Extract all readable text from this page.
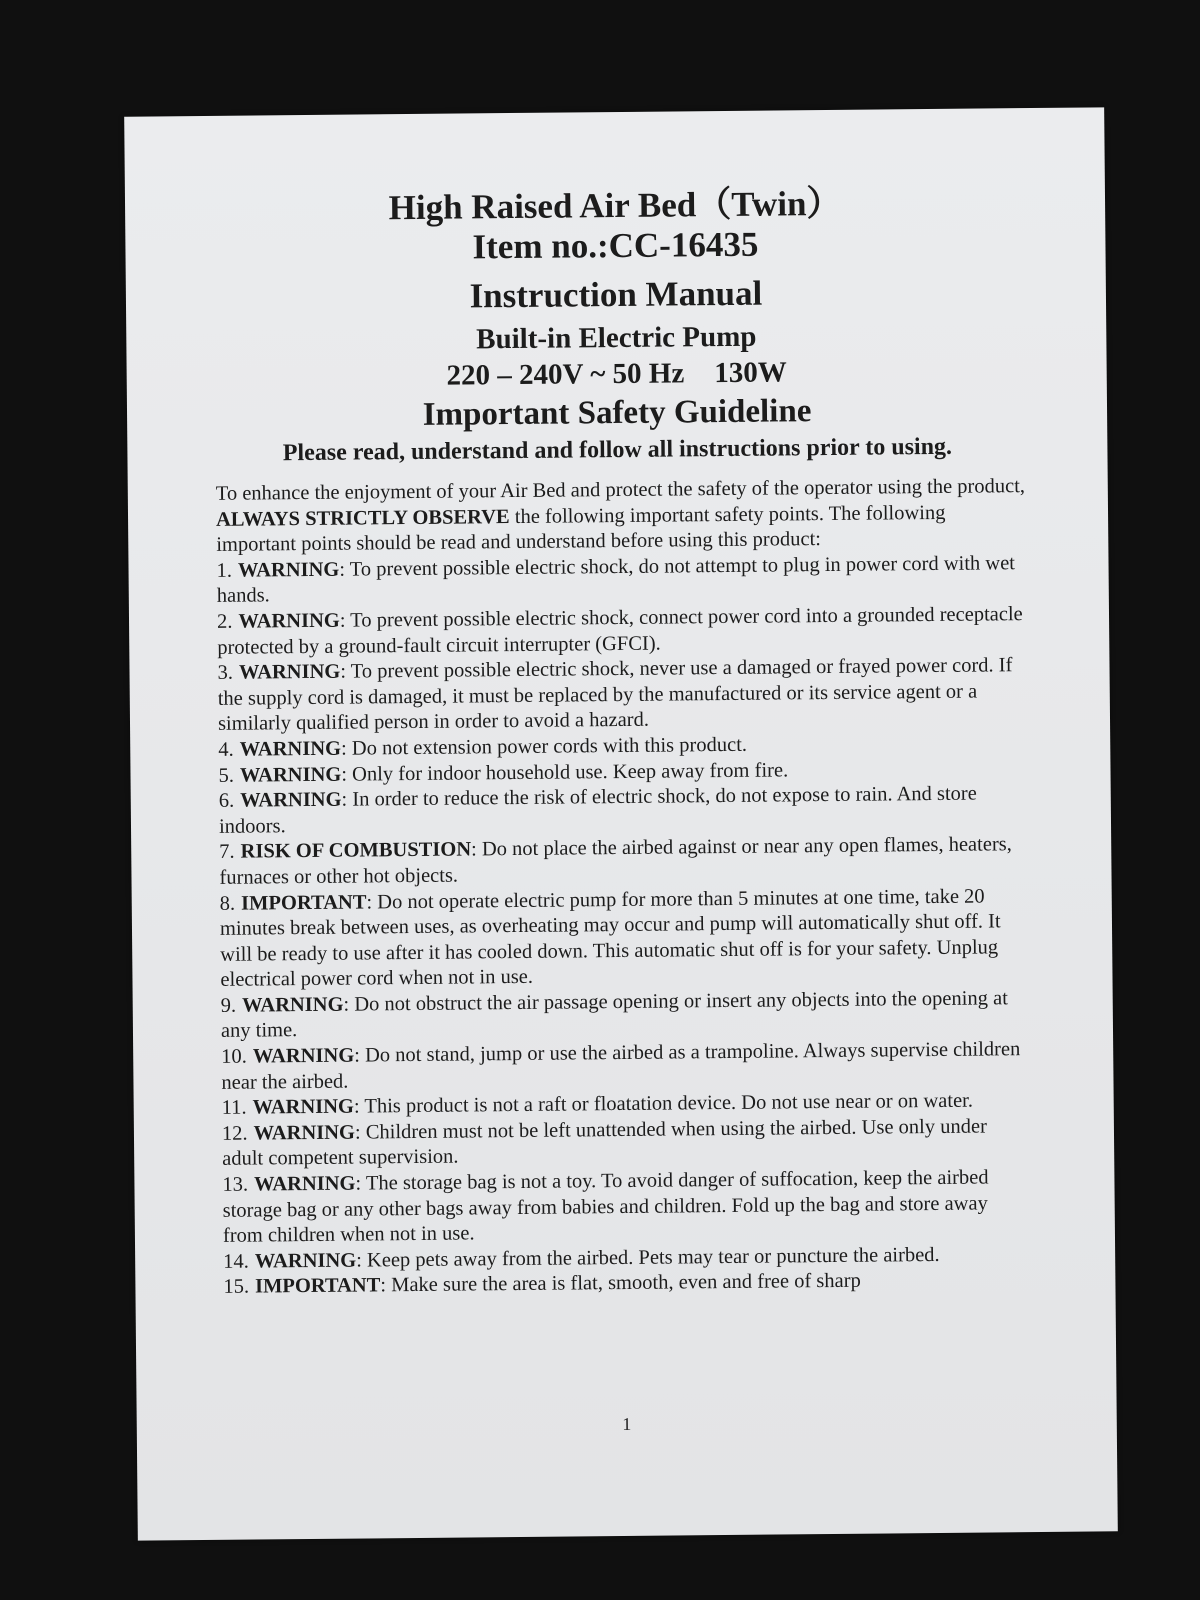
High Raised Air Bed（Twin）
Item no.:CC-16435
Instruction Manual
Built-in Electric Pump
220 – 240V ~ 50 Hz 130W
Important Safety Guideline
Please read, understand and follow all instructions prior to using.

To enhance the enjoyment of your Air Bed and protect the safety of the operator using the product, ALWAYS STRICTLY OBSERVE the following important safety points. The following important points should be read and understand before using this product:

1. WARNING: To prevent possible electric shock, do not attempt to plug in power cord with wet hands.

2. WARNING: To prevent possible electric shock, connect power cord into a grounded receptacle protected by a ground-fault circuit interrupter (GFCI).

3. WARNING: To prevent possible electric shock, never use a damaged or frayed power cord. If the supply cord is damaged, it must be replaced by the manufactured or its service agent or a similarly qualified person in order to avoid a hazard.

4. WARNING: Do not extension power cords with this product.

5. WARNING: Only for indoor household use. Keep away from fire.

6. WARNING: In order to reduce the risk of electric shock, do not expose to rain. And store indoors.

7. RISK OF COMBUSTION: Do not place the airbed against or near any open flames, heaters, furnaces or other hot objects.

8. IMPORTANT: Do not operate electric pump for more than 5 minutes at one time, take 20 minutes break between uses, as overheating may occur and pump will automatically shut off. It will be ready to use after it has cooled down. This automatic shut off is for your safety. Unplug electrical power cord when not in use.

9. WARNING: Do not obstruct the air passage opening or insert any objects into the opening at any time.

10. WARNING: Do not stand, jump or use the airbed as a trampoline. Always supervise children near the airbed.

11. WARNING: This product is not a raft or floatation device. Do not use near or on water.

12. WARNING: Children must not be left unattended when using the airbed. Use only under adult competent supervision.

13. WARNING: The storage bag is not a toy. To avoid danger of suffocation, keep the airbed storage bag or any other bags away from babies and children. Fold up the bag and store away from children when not in use.

14. WARNING: Keep pets away from the airbed. Pets may tear or puncture the airbed.

15. IMPORTANT: Make sure the area is flat, smooth, even and free of sharp

1
